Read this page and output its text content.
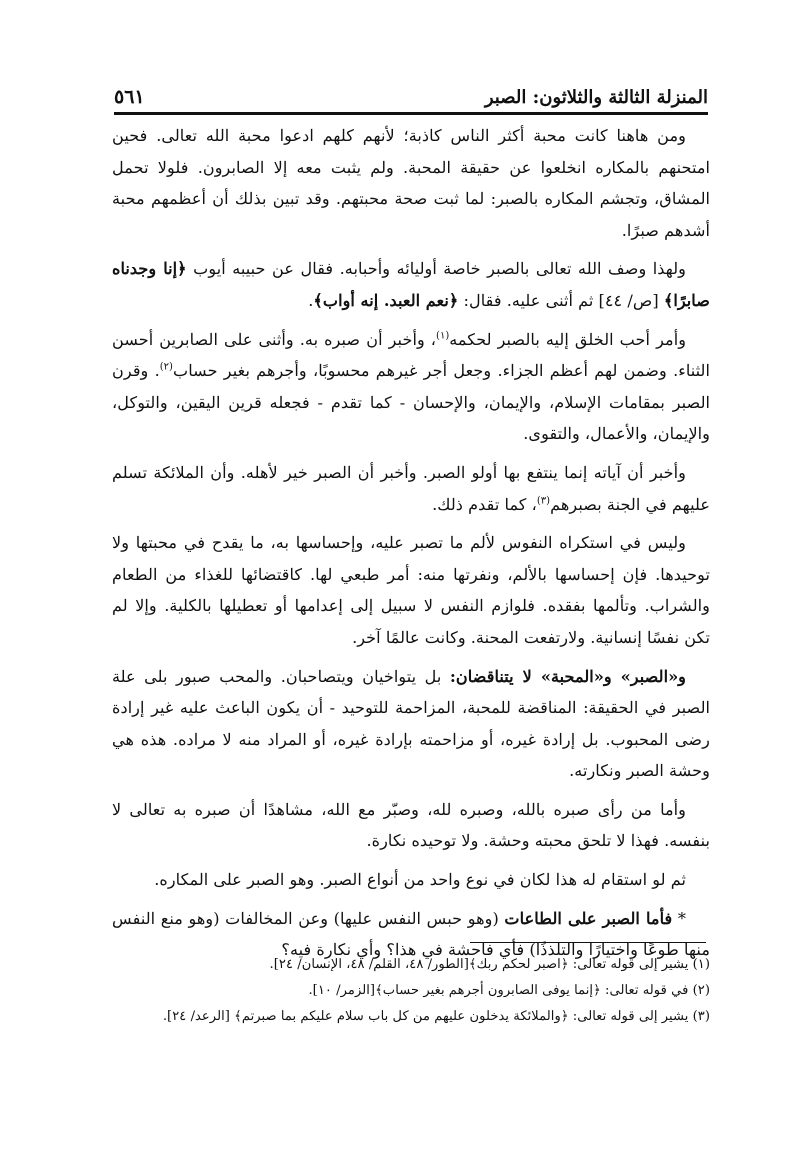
٥٦١	المنزلة الثالثة والثلاثون: الصبر

ومن هاهنا كانت محبة أكثر الناس كاذبة؛ لأنهم كلهم ادعوا محبة الله تعالى. فحين امتحنهم بالمكاره انخلعوا عن حقيقة المحبة. ولم يثبت معه إلا الصابرون. فلولا تحمل المشاق، وتجشم المكاره بالصبر: لما ثبت صحة محبتهم. وقد تبين بذلك أن أعظمهم محبة أشدهم صبرًا.

ولهذا وصف الله تعالى بالصبر خاصة أوليائه وأحبابه. فقال عن حبيبه أيوب ﴿إنا وجدناه صابرًا﴾ [ص/ ٤٤] ثم أثنى عليه. فقال: ﴿نعم العبد. إنه أواب﴾.

وأمر أحب الخلق إليه بالصبر لحكمه$^{(١)}$، وأخبر أن صبره به. وأثنى على الصابرين أحسن الثناء. وضمن لهم أعظم الجزاء. وجعل أجر غيرهم محسوبًا، وأجرهم بغير حساب$^{(٢)}$. وقرن الصبر بمقامات الإسلام، والإيمان، والإحسان - كما تقدم - فجعله قرين اليقين، والتوكل، والإيمان، والأعمال، والتقوى.

وأخبر أن آياته إنما ينتفع بها أولو الصبر. وأخبر أن الصبر خير لأهله. وأن الملائكة تسلم عليهم في الجنة بصبرهم$^{(٣)}$، كما تقدم ذلك.

وليس في استكراه النفوس لألم ما تصبر عليه، وإحساسها به، ما يقدح في محبتها ولا توحيدها. فإن إحساسها بالألم، ونفرتها منه: أمر طبعي لها. كاقتضائها للغذاء من الطعام والشراب. وتألمها بفقده. فلوازم النفس لا سبيل إلى إعدامها أو تعطيلها بالكلية. وإلا لم تكن نفسًا إنسانية. ولارتفعت المحنة. وكانت عالمًا آخر.

و«الصبر» و«المحبة» لا يتناقضان: بل يتواخيان ويتصاحبان. والمحب صبور بلى علة الصبر في الحقيقة: المناقضة للمحبة، المزاحمة للتوحيد - أن يكون الباعث عليه غير إرادة رضى المحبوب. بل إرادة غيره، أو مزاحمته بإرادة غيره، أو المراد منه لا مراده. هذه هي وحشة الصبر ونكارته.

وأما من رأى صبره بالله، وصبره لله، وصبّر مع الله، مشاهدًا أن صبره به تعالى لا بنفسه. فهذا لا تلحق محبته وحشة. ولا توحيده نكارة.

ثم لو استقام له هذا لكان في نوع واحد من أنواع الصبر. وهو الصبر على المكاره.

* فأما الصبر على الطاعات (وهو حبس النفس عليها) وعن المخالفات (وهو منع النفس منها طوعًا واختيارًا والتلذذًا) فأي فاحشة في هذا؟ وأي نكارة فيه؟

(١) يشير إلى قوله تعالى: ﴿اصبر لحكم ربك﴾[الطور/ ٤٨، القلم/ ٤٨، الإنسان/ ٢٤].
(٢) في قوله تعالى: ﴿إنما يوفى الصابرون أجرهم بغير حساب﴾[الزمر/ ١٠].
(٣) يشير إلى قوله تعالى: ﴿والملائكة يدخلون عليهم من كل باب سلام عليكم بما صبرتم﴾ [الرعد/ ٢٤].
